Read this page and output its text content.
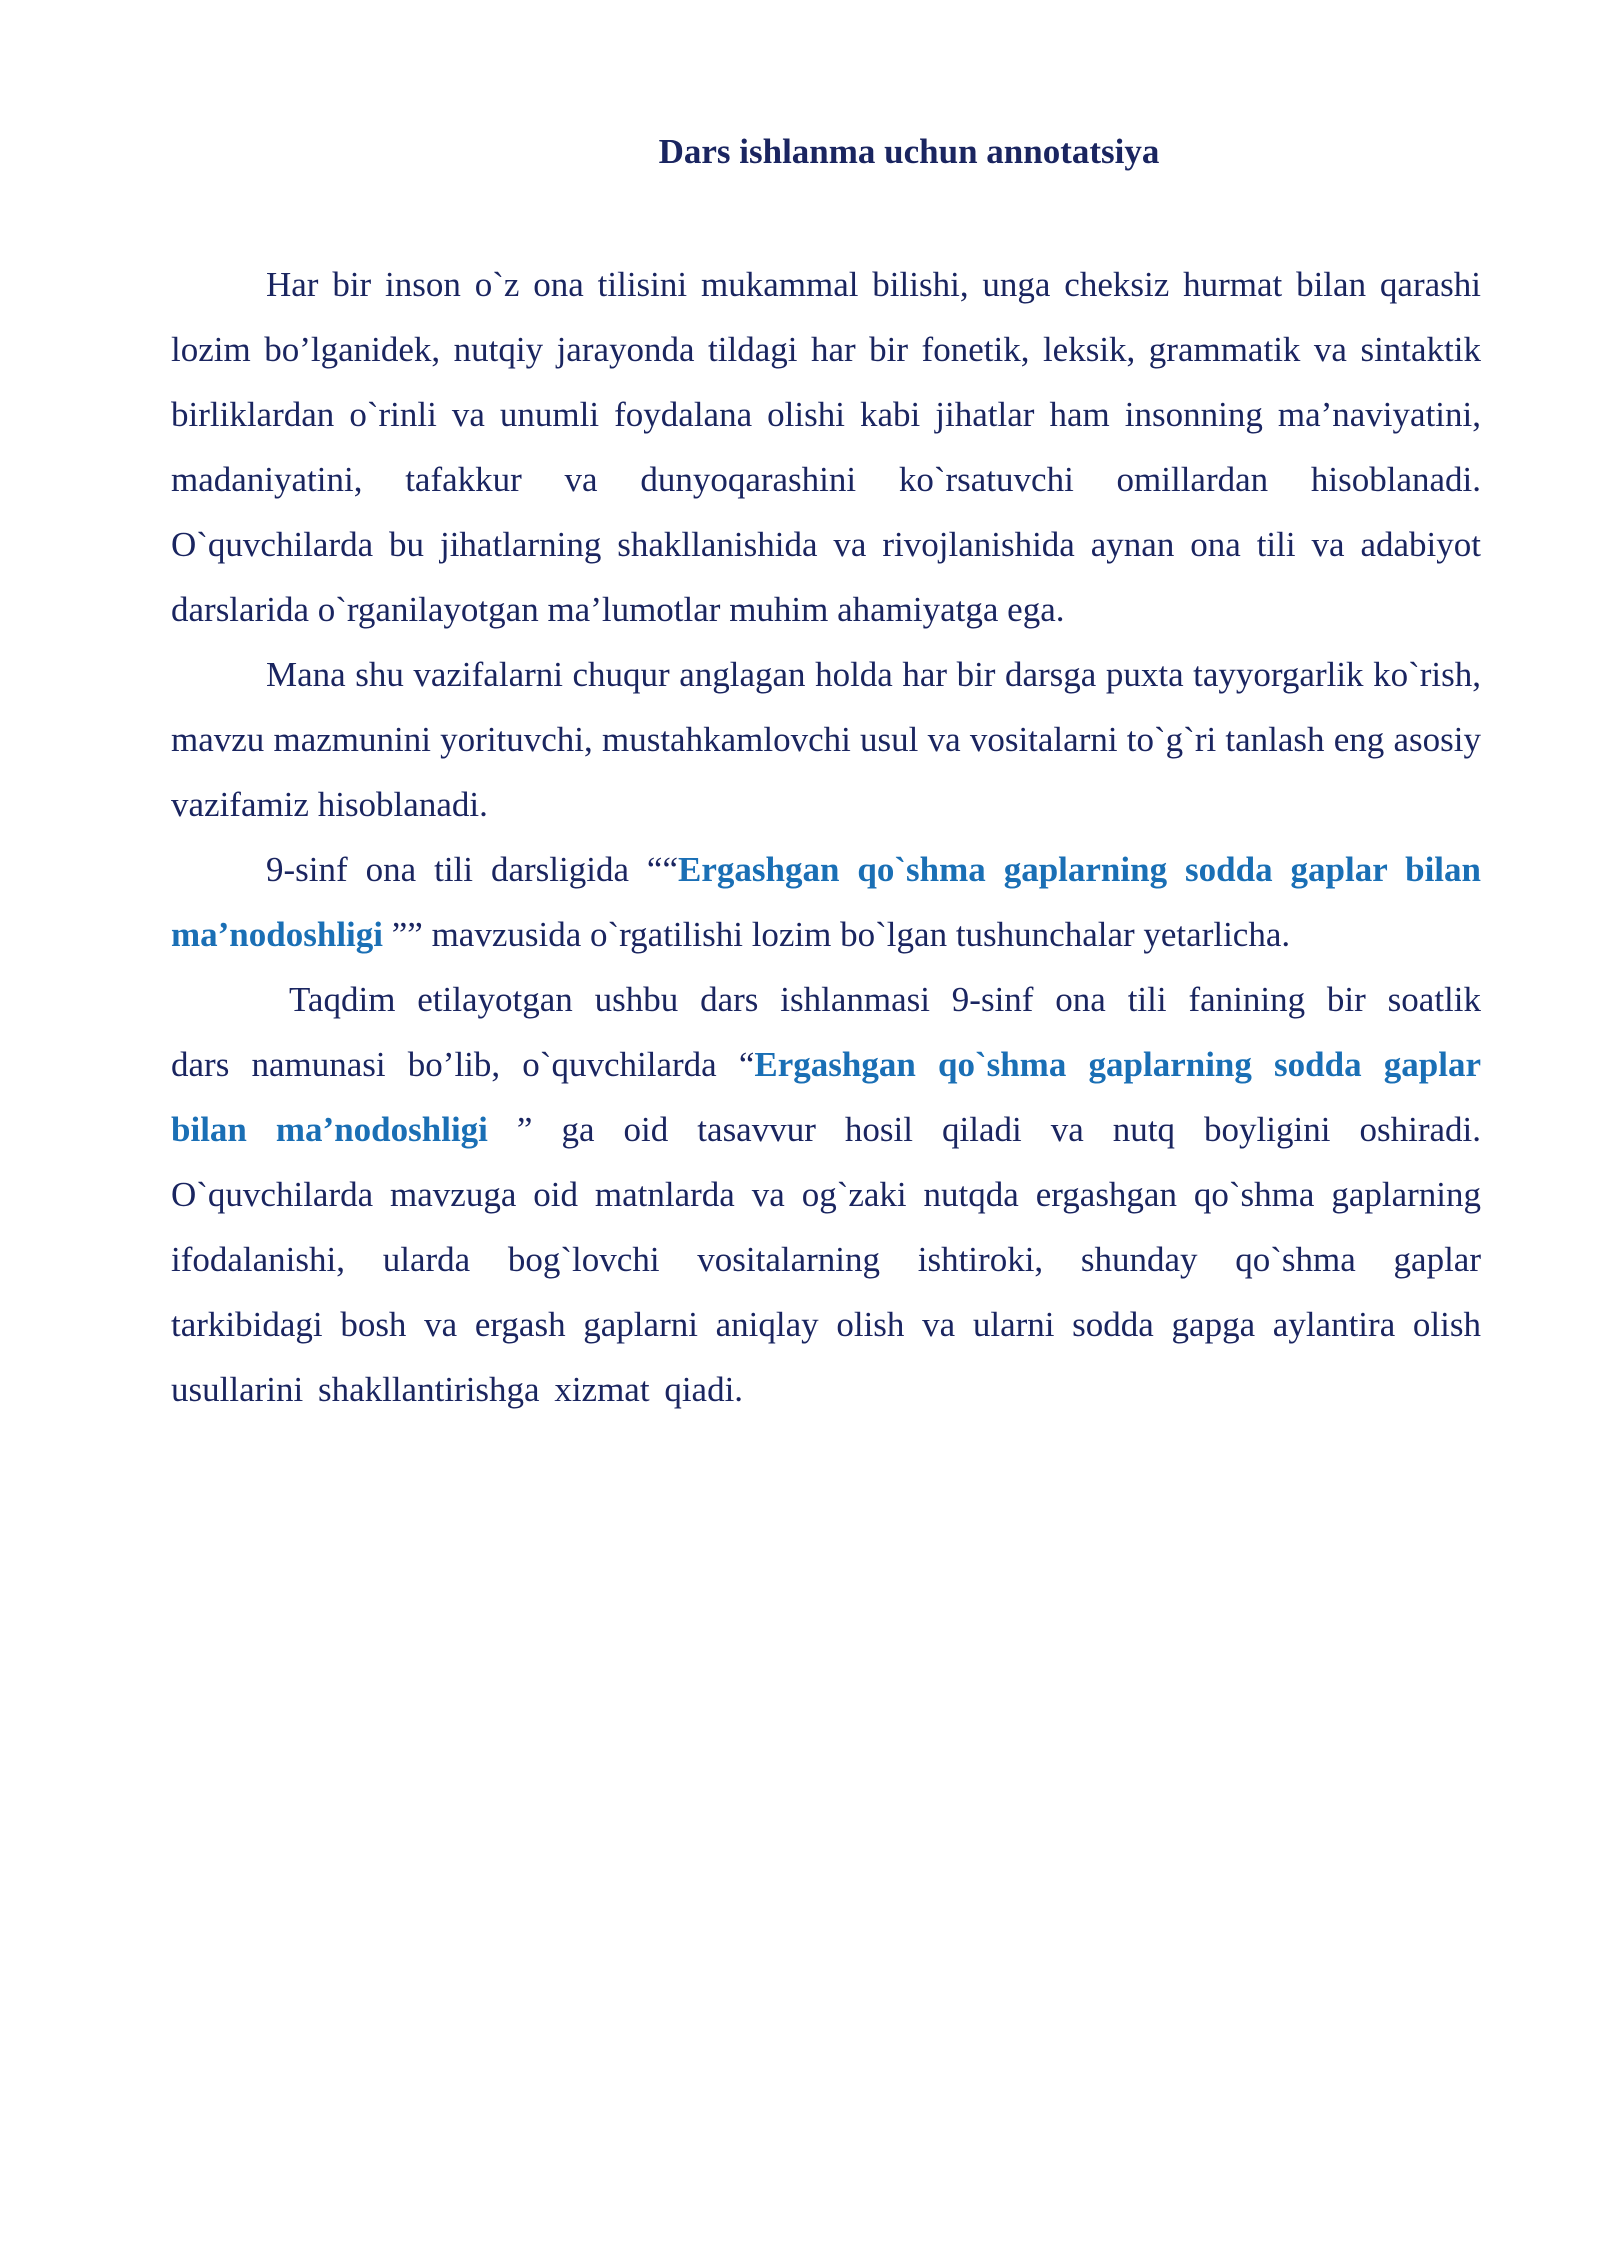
Dars ishlanma uchun annotatsiya

Har bir inson o`z ona tilisini mukammal bilishi, unga cheksiz hurmat bilan qarashi lozim bo’lganidek, nutqiy jarayonda tildagi har bir fonetik, leksik, grammatik va sintaktik birliklardan o`rinli va unumli foydalana olishi kabi jihatlar ham insonning ma’naviyatini, madaniyatini, tafakkur va dunyoqarashini ko`rsatuvchi omillardan hisoblanadi. O`quvchilarda bu jihatlarning shakllanishida va rivojlanishida aynan ona tili va adabiyot darslarida o`rganilayotgan ma’lumotlar muhim ahamiyatga ega.

Mana shu vazifalarni chuqur anglagan holda har bir darsga puxta tayyorgarlik ko`rish, mavzu mazmunini yorituvchi, mustahkamlovchi usul va vositalarni to`g`ri tanlash eng asosiy vazifamiz hisoblanadi.

9-sinf ona tili darsligida ““Ergashgan qo`shma gaplarning sodda gaplar bilan ma’nodoshligi ”” mavzusida o`rgatilishi lozim bo`lgan tushunchalar yetarlicha.

Taqdim etilayotgan ushbu dars ishlanmasi 9-sinf ona tili fanining bir soatlik dars namunasi bo’lib, o`quvchilarda “Ergashgan qo`shma gaplarning sodda gaplar bilan ma’nodoshligi ” ga oid tasavvur hosil qiladi va nutq boyligini oshiradi. O`quvchilarda mavzuga oid matnlarda va og`zaki nutqda ergashgan qo`shma gaplarning ifodalanishi, ularda bog`lovchi vositalarning ishtiroki, shunday qo`shma gaplar tarkibidagi bosh va ergash gaplarni aniqlay olish va ularni sodda gapga aylantira olish usullarini shakllantirishga xizmat qiadi.
